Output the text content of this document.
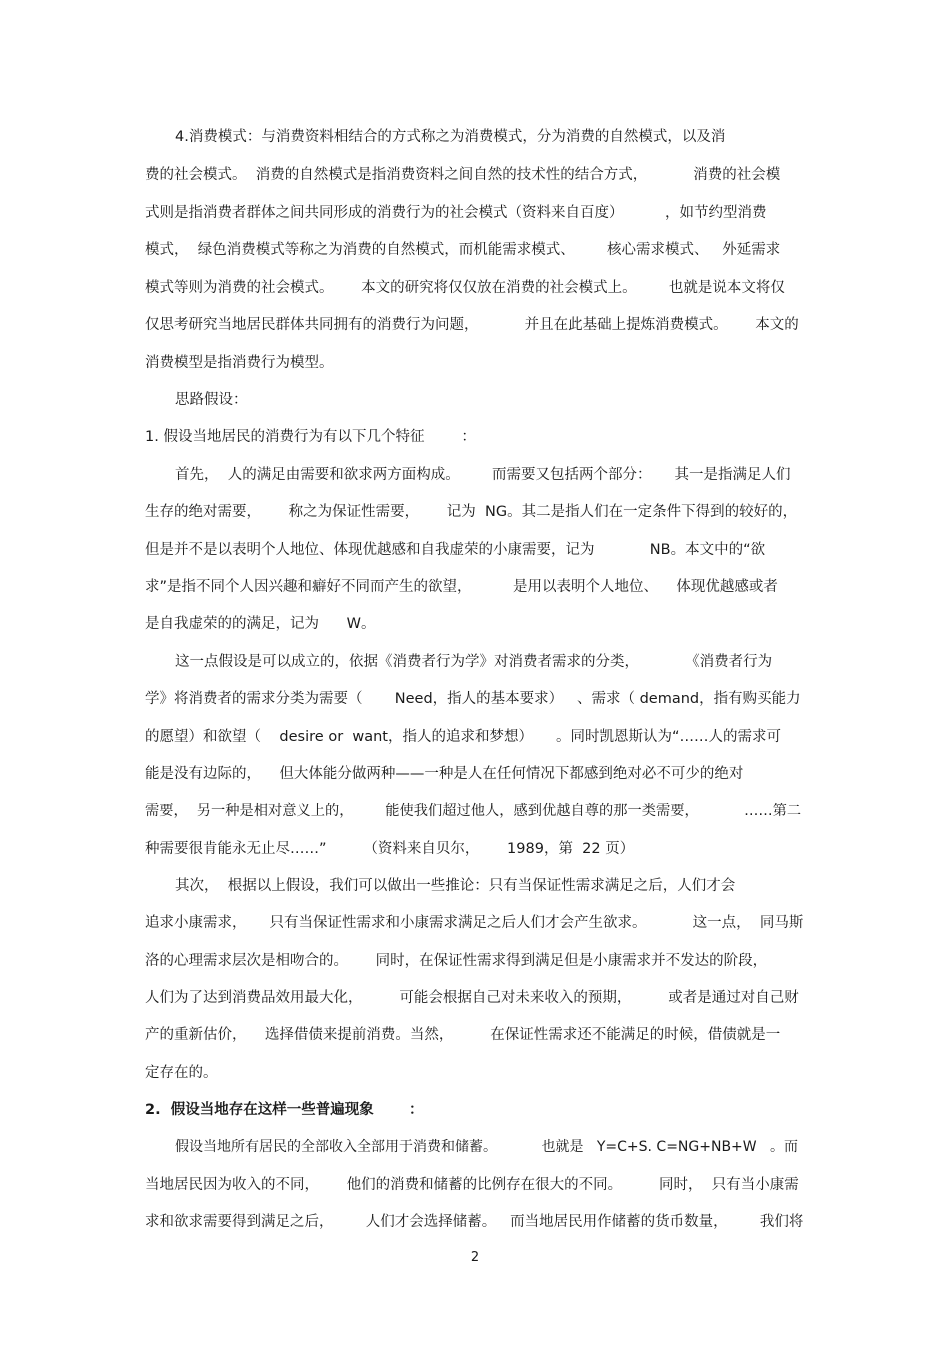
4.消费模式：与消费资料相结合的方式称之为消费模式，分为消费的自然模式，以及消
费的社会模式。  消费的自然模式是指消费资料之间自然的技术性的结合方式，          消费的社会模
式则是指消费者群体之间共同形成的消费行为的社会模式（资料来自百度）         ，如节约型消费
模式，  绿色消费模式等称之为消费的自然模式，而机能需求模式、       核心需求模式、   外延需求
模式等则为消费的社会模式。      本文的研究将仅仅放在消费的社会模式上。       也就是说本文将仅
仅思考研究当地居民群体共同拥有的消费行为问题，          并且在此基础上提炼消费模式。      本文的
消费模型是指消费行为模型。
思路假设：
1. 假设当地居民的消费行为有以下几个特征        ：
首先，  人的满足由需要和欲求两方面构成。       而需要又包括两个部分：     其一是指满足人们
生存的绝对需要，      称之为保证性需要，      记为  NG。其二是指人们在一定条件下得到的较好的，
但是并不是以表明个人地位、体现优越感和自我虚荣的小康需要，记为            NB。本文中的“欲
求”是指不同个人因兴趣和癖好不同而产生的欲望，         是用以表明个人地位、    体现优越感或者
是自我虚荣的的满足，记为      W。
这一点假设是可以成立的，依据《消费者行为学》对消费者需求的分类，          《消费者行为
学》将消费者的需求分类为需要（       Need，指人的基本要求）   、需求（ demand，指有购买能力
的愿望）和欲望（    desire or  want，指人的追求和梦想）     。同时凯恩斯认为“……人的需求可
能是没有边际的，    但大体能分做两种——一种是人在任何情况下都感到绝对必不可少的绝对
需要，  另一种是相对意义上的，       能使我们超过他人，感到优越自尊的那一类需要，          ……第二
种需要很肯能永无止尽……”        （资料来自贝尔，      1989，第  22 页）
其次，  根据以上假设，我们可以做出一些推论：只有当保证性需求满足之后，人们才会
追求小康需求，     只有当保证性需求和小康需求满足之后人们才会产生欲求。          这一点，  同马斯
洛的心理需求层次是相吻合的。      同时，在保证性需求得到满足但是小康需求并不发达的阶段，
人们为了达到消费品效用最大化，        可能会根据自己对未来收入的预期，        或者是通过对自己财
产的重新估价，    选择借债来提前消费。当然，        在保证性需求还不能满足的时候，借债就是一
定存在的。
2.  假设当地存在这样一些普遍现象       ：
假设当地所有居民的全部收入全部用于消费和储蓄。          也就是   Y=C+S. C=NG+NB+W   。而
当地居民因为收入的不同，      他们的消费和储蓄的比例存在很大的不同。        同时，  只有当小康需
求和欲求需要得到满足之后，       人们才会选择储蓄。   而当地居民用作储蓄的货币数量，       我们将
2
